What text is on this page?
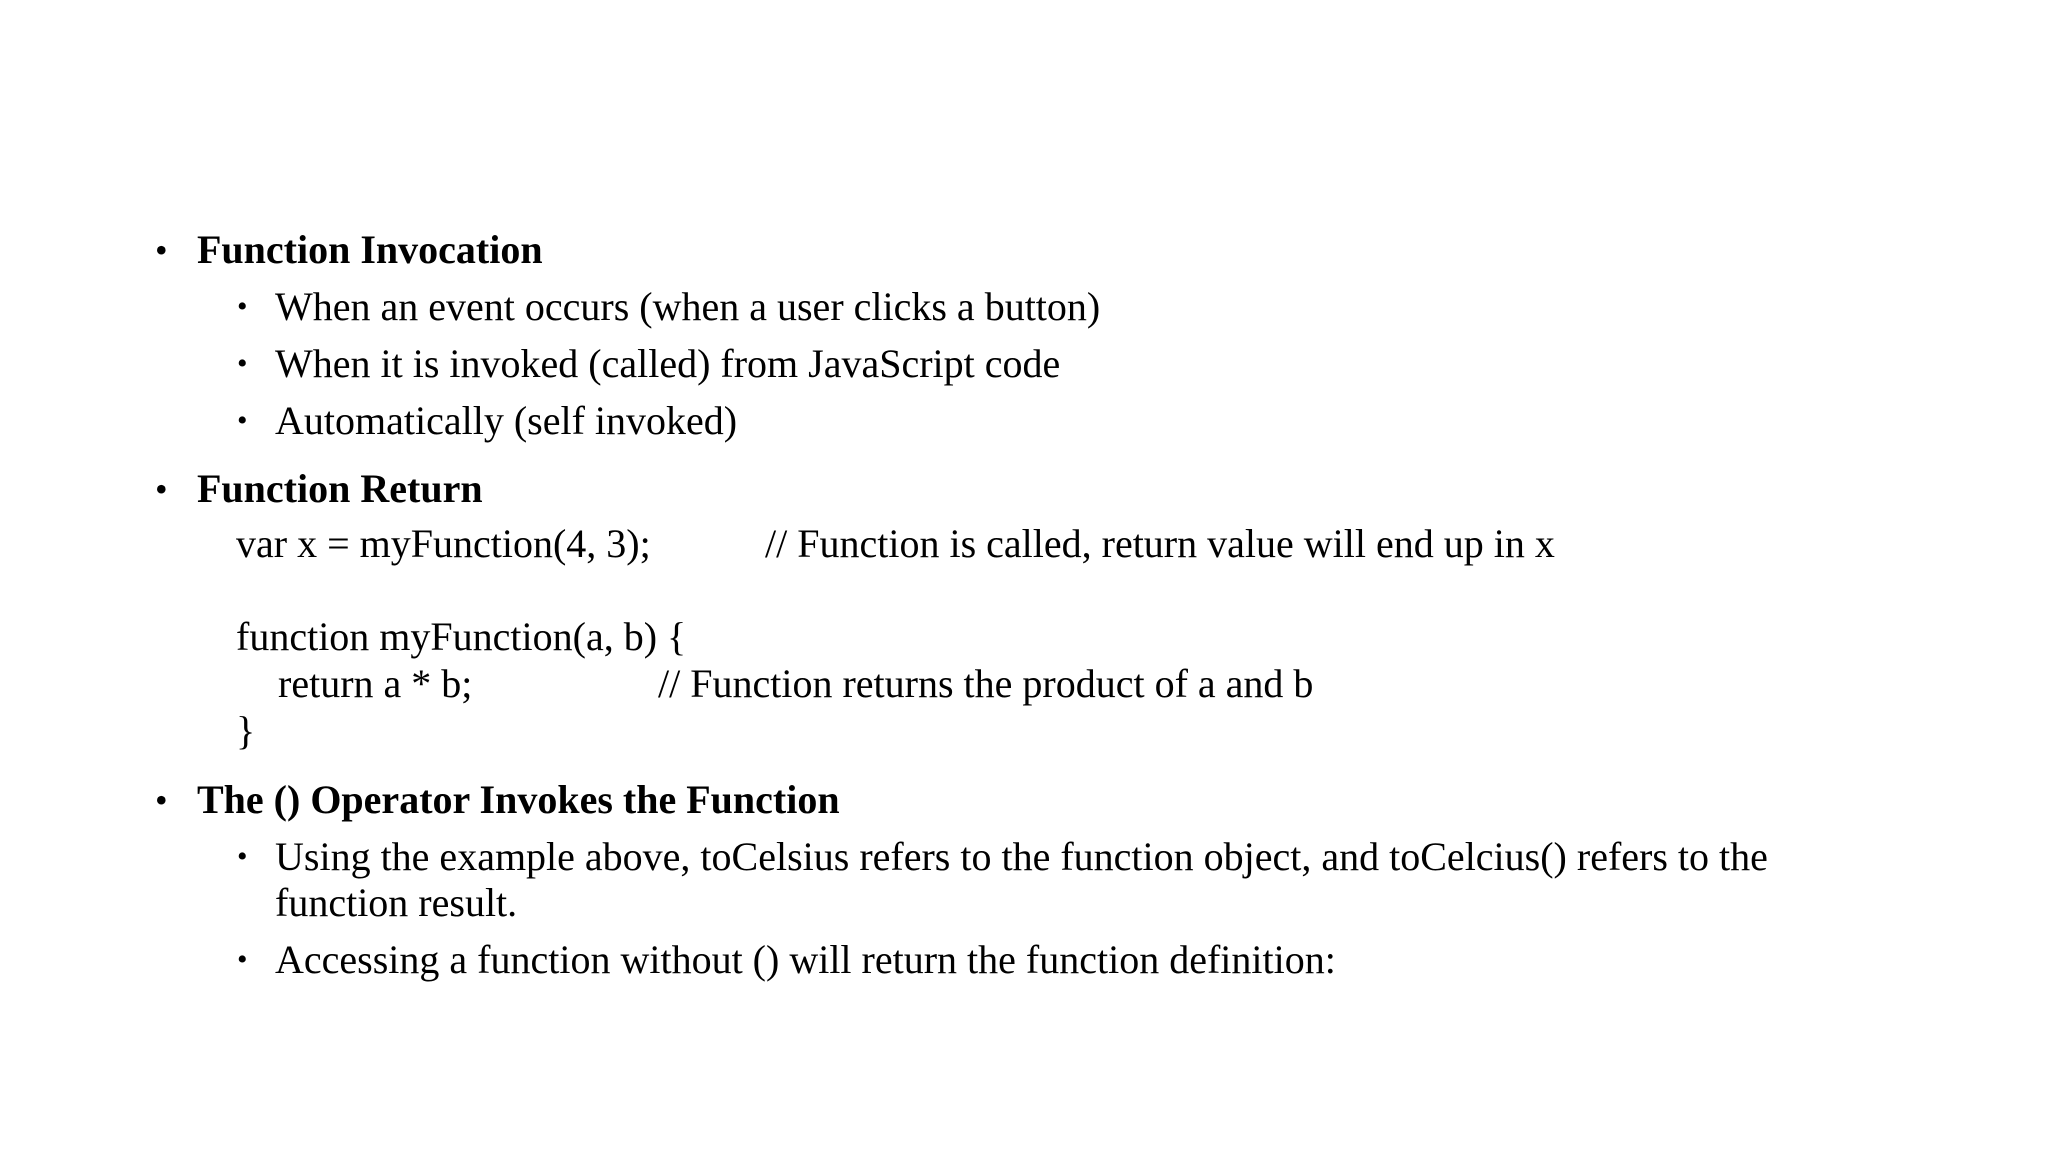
• Function Invocation
• When an event occurs (when a user clicks a button)
• When it is invoked (called) from JavaScript code
• Automatically (self invoked)
• Function Return
var x = myFunction(4, 3);	// Function is called, return value will end up in x
function myFunction(a, b) {
return a * b;	// Function returns the product of a and b
}
• The () Operator Invokes the Function
• Using the example above, toCelsius refers to the function object, and toCelcius() refers to the
function result.
• Accessing a function without () will return the function definition:
